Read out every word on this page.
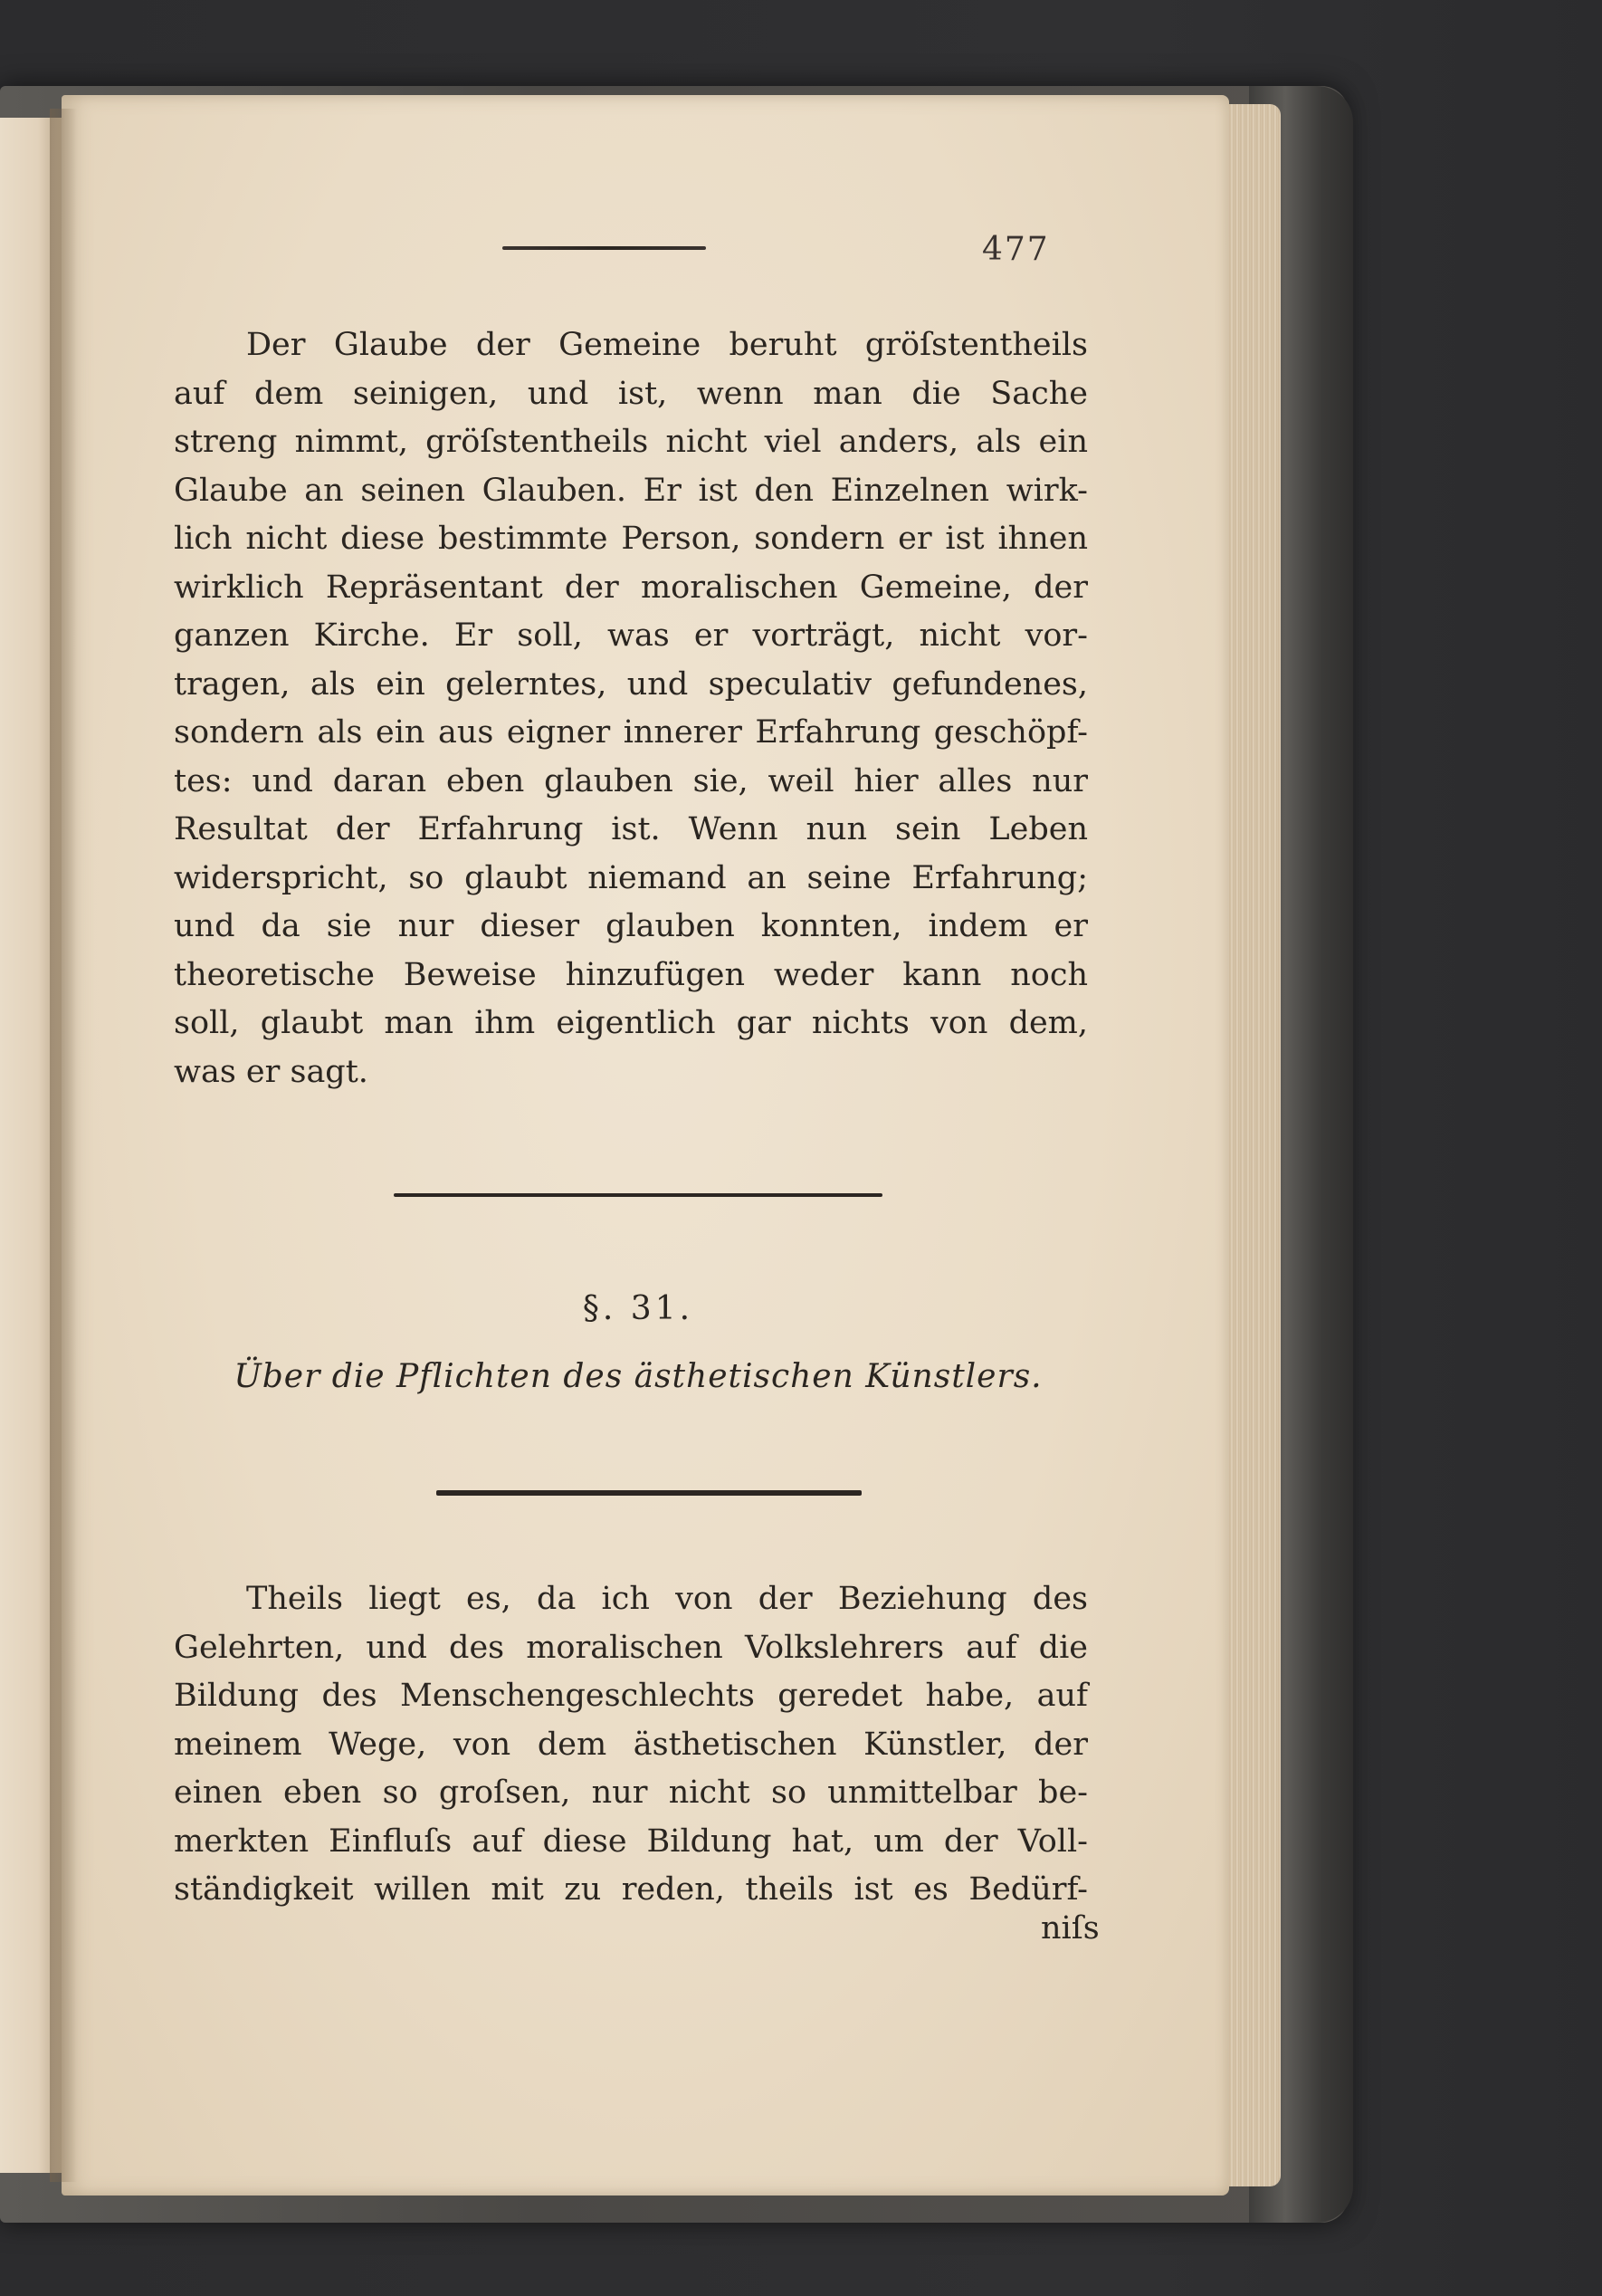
477

Der Glaube der Gemeine beruht gröſstentheils
auf dem seinigen, und ist, wenn man die Sache
streng nimmt, gröſstentheils nicht viel anders, als ein
Glaube an seinen Glauben. Er ist den Einzelnen wirk-
lich nicht diese bestimmte Person, sondern er ist ihnen
wirklich Repräsentant der moralischen Gemeine, der
ganzen Kirche. Er soll, was er vorträgt, nicht vor-
tragen, als ein gelerntes, und speculativ gefundenes,
sondern als ein aus eigner innerer Erfahrung geschöpf-
tes: und daran eben glauben sie, weil hier alles nur
Resultat der Erfahrung ist. Wenn nun sein Leben
widerspricht, so glaubt niemand an seine Erfahrung;
und da sie nur dieser glauben konnten, indem er
theoretische Beweise hinzufügen weder kann noch
soll, glaubt man ihm eigentlich gar nichts von dem,
was er sagt.

§. 31.
Über die Pflichten des ästhetischen Künstlers.

Theils liegt es, da ich von der Beziehung des
Gelehrten, und des moralischen Volkslehrers auf die
Bildung des Menschengeschlechts geredet habe, auf
meinem Wege, von dem ästhetischen Künstler, der
einen eben so groſsen, nur nicht so unmittelbar be-
merkten Einfluſs auf diese Bildung hat, um der Voll-
ständigkeit willen mit zu reden, theils ist es Bedürf-

niſs
